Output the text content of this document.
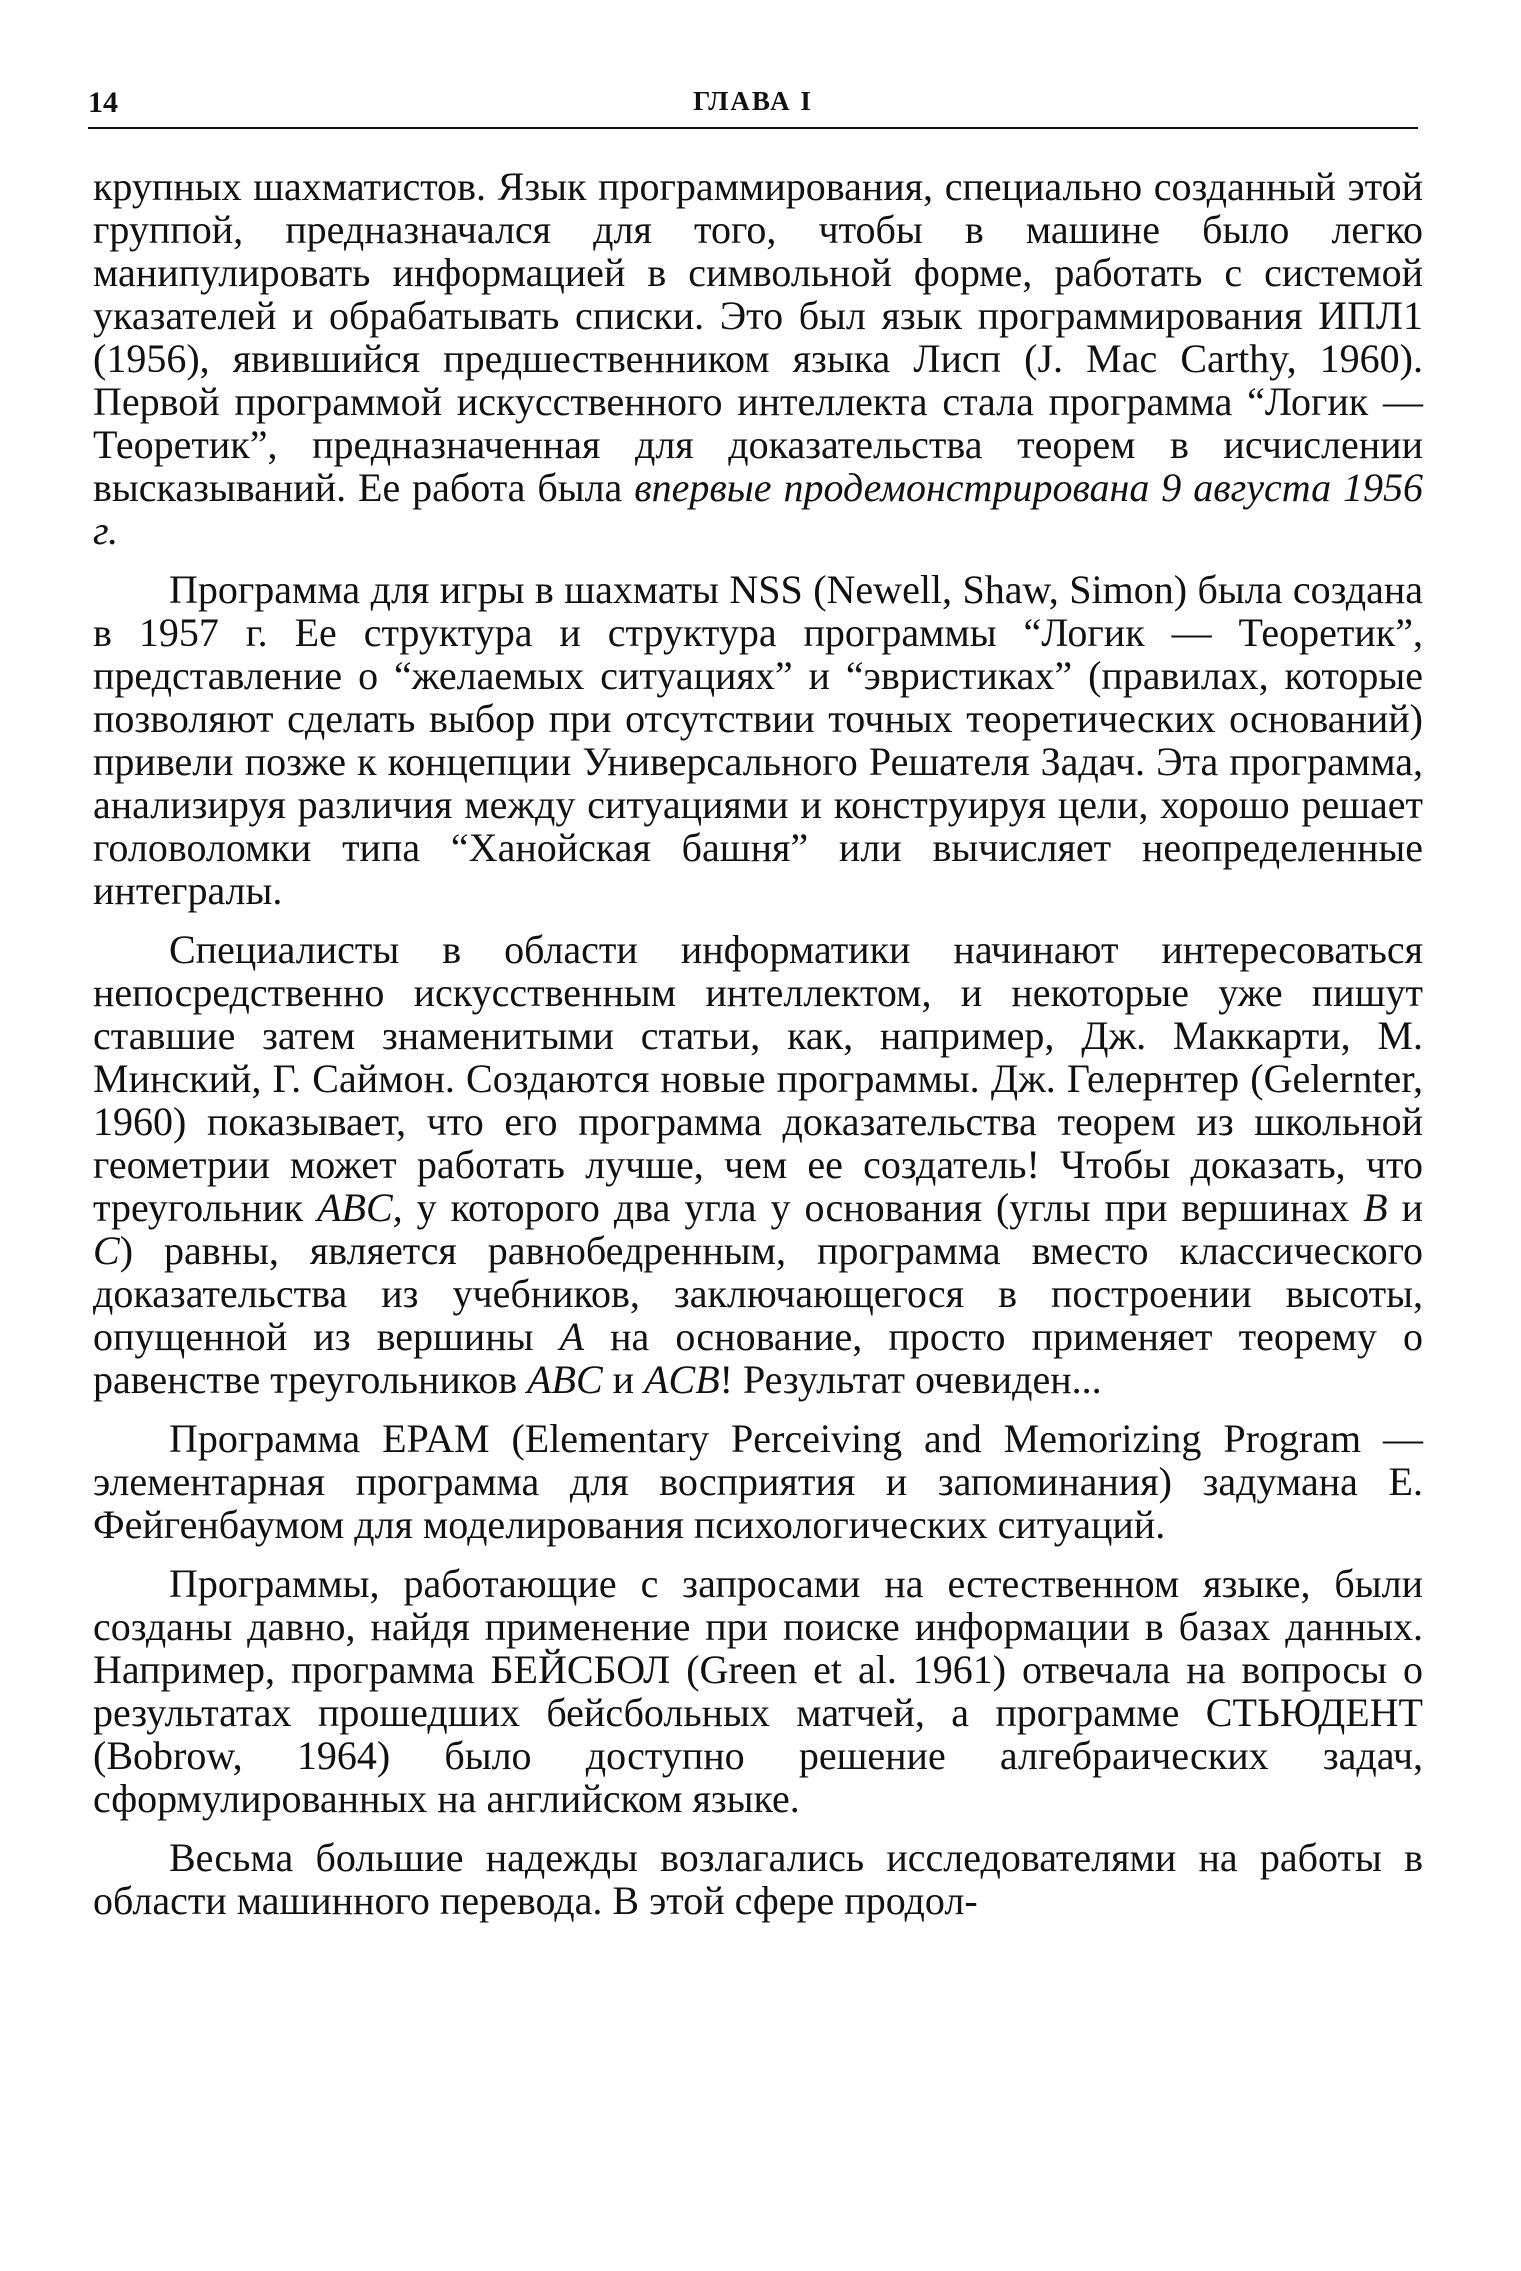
14	ГЛАВА I

крупных шахматистов. Язык программирования, специально созданный этой группой, предназначался для того, чтобы в машине было легко манипулировать информацией в символьной форме, работать с системой указателей и обрабатывать списки. Это был язык программирования ИПЛ1 (1956), явившийся предшественником языка Лисп (J. Mac Carthy, 1960). Первой программой искусственного интеллекта стала программа “Логик — Теоретик”, предназначенная для доказательства теорем в исчислении высказываний. Ее работа была впервые продемонстрирована 9 августа 1956 г.

Программа для игры в шахматы NSS (Newell, Shaw, Simon) была создана в 1957 г. Ее структура и структура программы “Логик — Теоретик”, представление о “желаемых ситуациях” и “эвристиках” (правилах, которые позволяют сделать выбор при отсутствии точных теоретических оснований) привели позже к концепции Универсального Решателя Задач. Эта программа, анализируя различия между ситуациями и конструируя цели, хорошо решает головоломки типа “Ханойская башня” или вычисляет неопределенные интегралы.

Специалисты в области информатики начинают интересоваться непосредственно искусственным интеллектом, и некоторые уже пишут ставшие затем знаменитыми статьи, как, например, Дж. Маккарти, М. Минский, Г. Саймон. Создаются новые программы. Дж. Гелернтер (Gelernter, 1960) показывает, что его программа доказательства теорем из школьной геометрии может работать лучше, чем ее создатель! Чтобы доказать, что треугольник ABC, у которого два угла у основания (углы при вершинах B и C) равны, является равнобедренным, программа вместо классического доказательства из учебников, заключающегося в построении высоты, опущенной из вершины A на основание, просто применяет теорему о равенстве треугольников ABC и ACB! Результат очевиден...

Программа EPAM (Elementary Perceiving and Memorizing Program — элементарная программа для восприятия и запоминания) задумана Е. Фейгенбаумом для моделирования психологических ситуаций.

Программы, работающие с запросами на естественном языке, были созданы давно, найдя применение при поиске информации в базах данных. Например, программа БЕЙСБОЛ (Green et al. 1961) отвечала на вопросы о результатах прошедших бейсбольных матчей, а программе СТЬЮДЕНТ (Bobrow, 1964) было доступно решение алгебраических задач, сформулированных на английском языке.

Весьма большие надежды возлагались исследователями на работы в области машинного перевода. В этой сфере продол-
